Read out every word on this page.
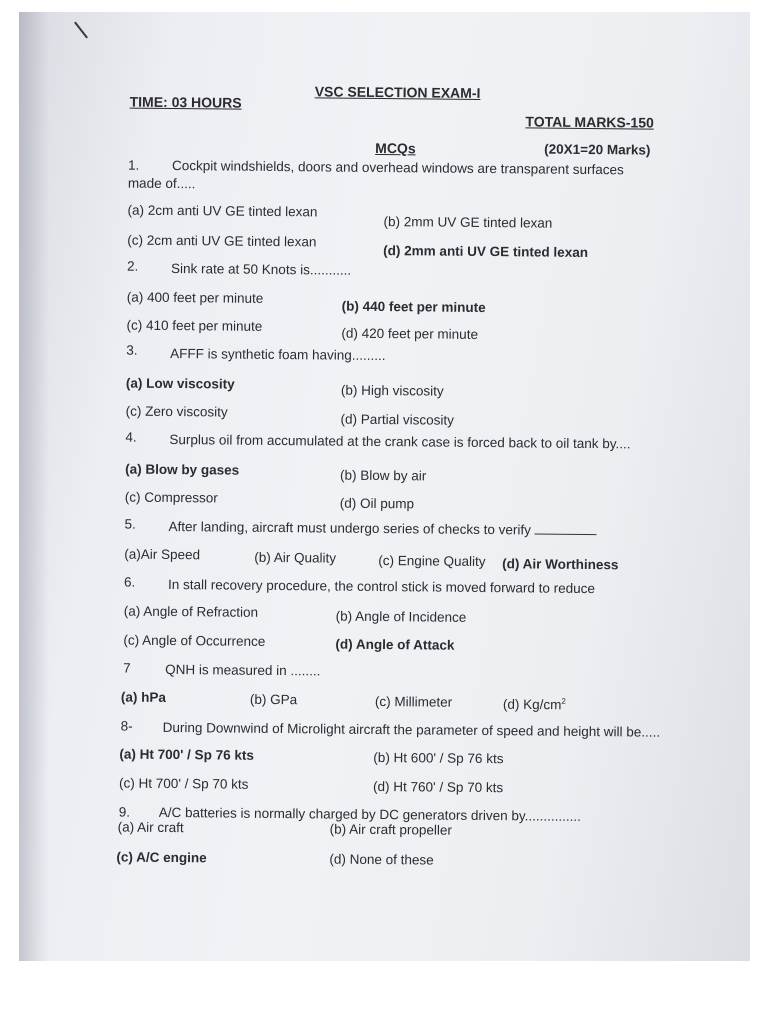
VSC SELECTION EXAM-I
TIME: 03 HOURS
TOTAL MARKS-150
MCQs	(20X1=20 Marks)
1. Cockpit windshields, doors and overhead windows are transparent surfaces
made of.....
(a) 2cm anti UV GE tinted lexan
(b) 2mm UV GE tinted lexan
(c) 2cm anti UV GE tinted lexan
(d) 2mm anti UV GE tinted lexan
2. Sink rate at 50 Knots is...........
(a) 400 feet per minute
(b) 440 feet per minute
(c) 410 feet per minute	(d) 420 feet per minute
3. AFFF is synthetic foam having.........
(a) Low viscosity	(b) High viscosity
(c) Zero viscosity
(d) Partial viscosity
4. Surplus oil from accumulated at the crank case is forced back to oil tank by....
(a) Blow by gases	(b) Blow by air
(c) Compressor	(d) Oil pump
5. After landing, aircraft must undergo series of checks to verify
(a)Air Speed	(b) Air Quality	(c) Engine Quality (d) Air Worthiness
6. In stall recovery procedure, the control stick is moved forward to reduce
(a) Angle of Refraction	(b) Angle of Incidence
(c) Angle of Occurrence	(d) Angle of Attack
7	QNH is measured in ........
(a) hPa	(b) GPa	(c) Millimeter	(d) $Kg/cm^2$
8- During Downwind of Microlight aircraft the parameter of speed and height will be.....
(a) Ht 700' / Sp 76 kts	(b) Ht 600' / Sp 76 kts
(c) Ht 700' / Sp 70 kts	(d) Ht 760' / Sp 70 kts
9. A/C batteries is normally charged by DC generators driven by...............
(a) Air craft	(b) Air craft propeller
(c) A/C engine	(d) None of these
